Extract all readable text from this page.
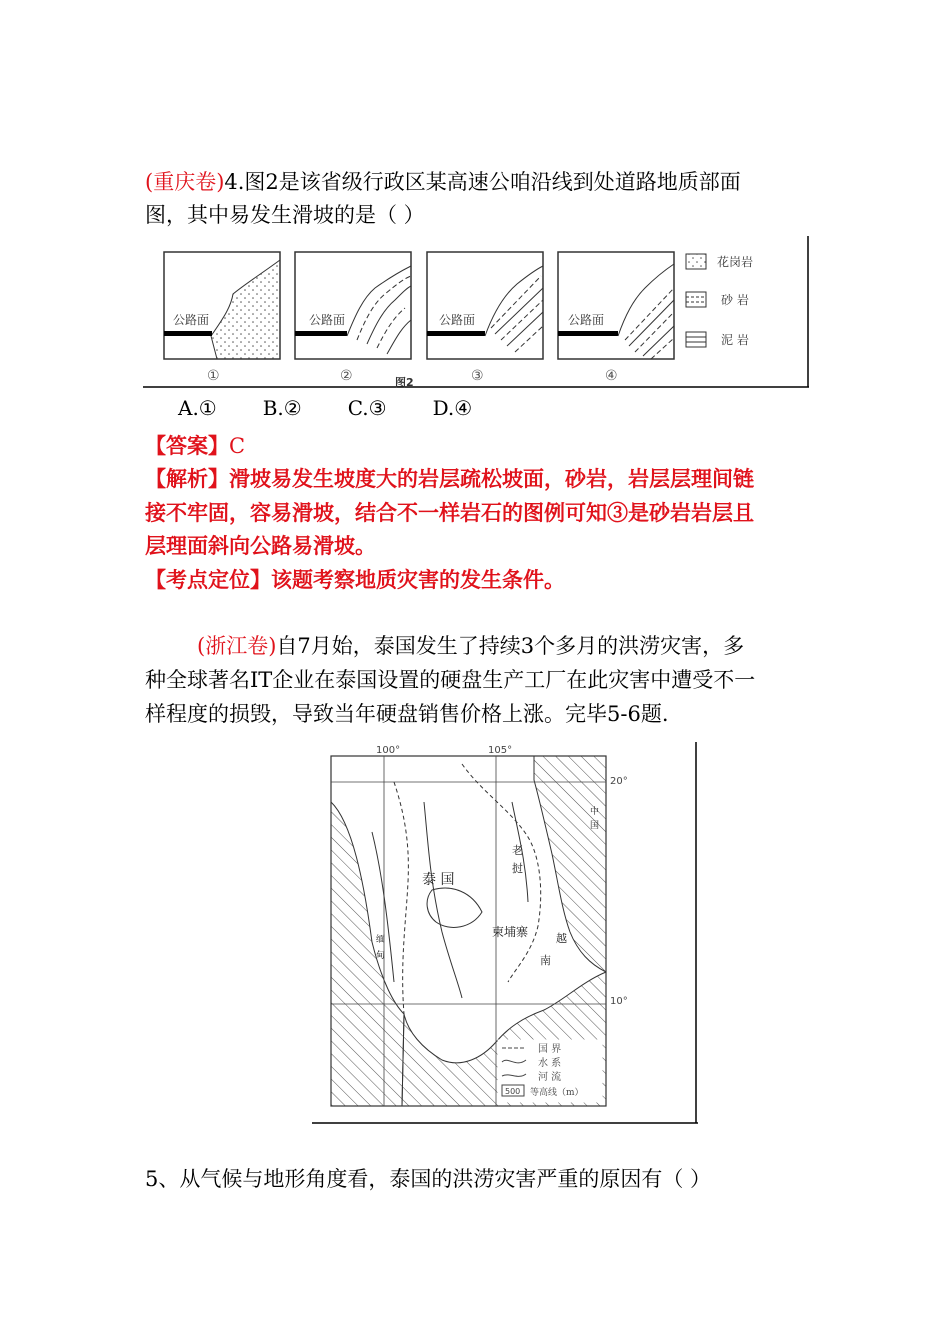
(重庆卷)4.图2是该省级行政区某高速公咱沿线到处道路地质部面
图，其中易发生滑坡的是（ ）
公路面
①
公路面
②
公路面
③
公路面
④
图2
花岗岩
砂 岩
泥 岩
A.① B.② C.③ D.④
【答案】C
【解析】滑坡易发生坡度大的岩层疏松坡面，砂岩，岩层层理间链
接不牢固，容易滑坡，结合不一样岩石的图例可知③是砂岩岩层且
层理面斜向公路易滑坡。
【考点定位】该题考察地质灾害的发生条件。
(浙江卷)自7月始，泰国发生了持续3个多月的洪涝灾害，多
种全球著名IT企业在泰国设置的硬盘生产工厂在此灾害中遭受不一
样程度的损毁，导致当年硬盘销售价格上涨。完毕5-6题.
100°	105°
20°
10°
泰 国
柬埔寨
老
挝
越
南
中
国
缅
甸
国 界
水 系
河 流
500 等高线（m）
5、从气候与地形角度看，泰国的洪涝灾害严重的原因有（ ）
